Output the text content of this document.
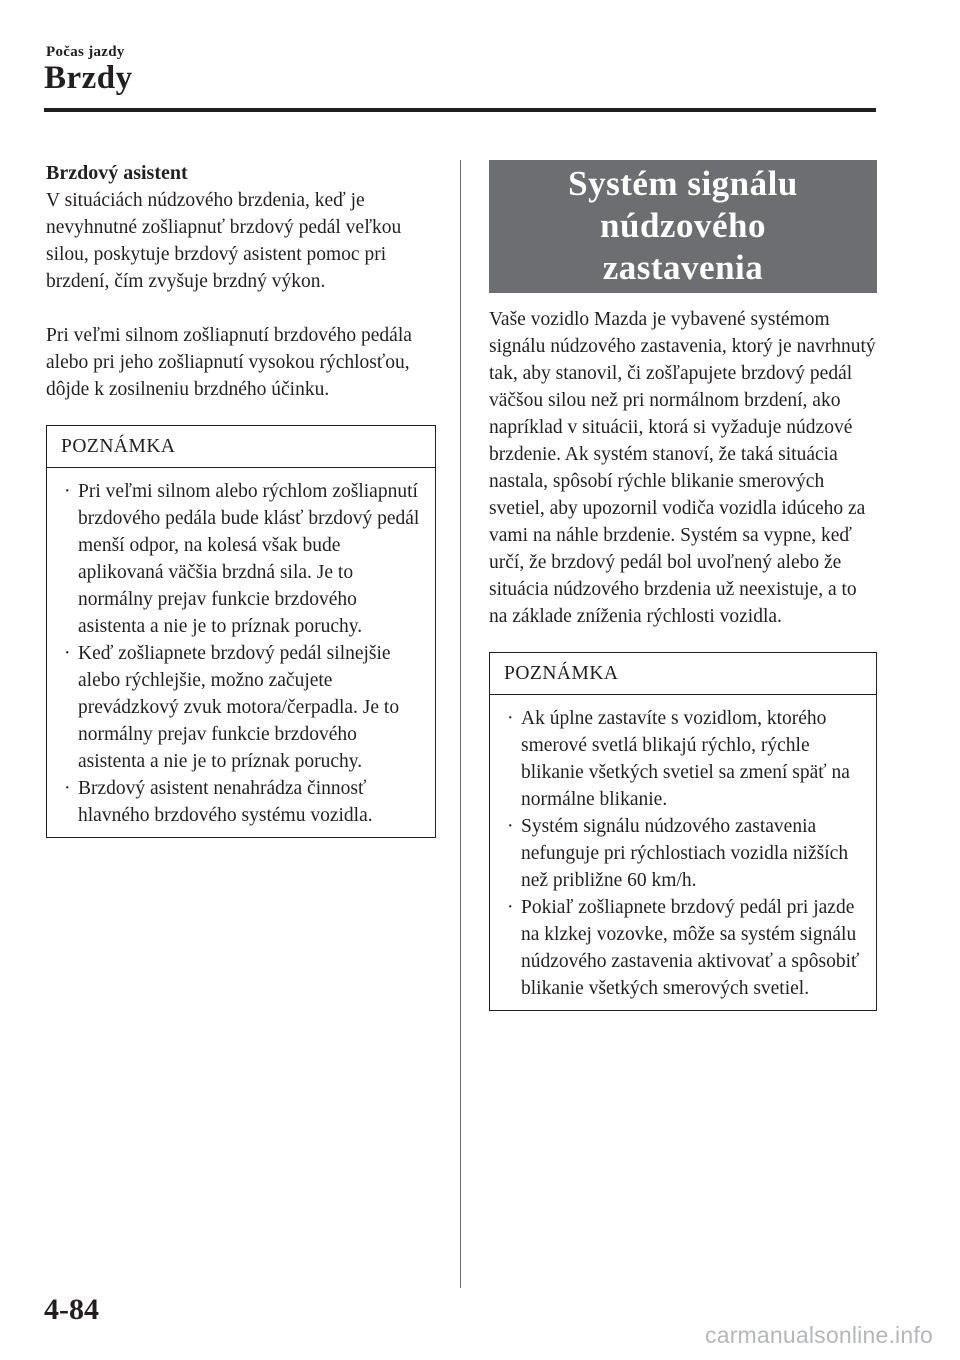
Počas jazdy
Brzdy

Brzdový asistent

V situáciách núdzového brzdenia, keď je nevyhnutné zošliapnuť brzdový pedál veľkou silou, poskytuje brzdový asistent pomoc pri brzdení, čím zvyšuje brzdný výkon.

Pri veľmi silnom zošliapnutí brzdového pedála alebo pri jeho zošliapnutí vysokou rýchlosťou, dôjde k zosilneniu brzdného účinku.

POZNÁMKA
· Pri veľmi silnom alebo rýchlom zošliapnutí brzdového pedála bude klásť brzdový pedál menší odpor, na kolesá však bude aplikovaná väčšia brzdná sila. Je to normálny prejav funkcie brzdového asistenta a nie je to príznak poruchy.
· Keď zošliapnete brzdový pedál silnejšie alebo rýchlejšie, možno začujete prevádzkový zvuk motora/čerpadla. Je to normálny prejav funkcie brzdového asistenta a nie je to príznak poruchy.
· Brzdový asistent nenahrádza činnosť hlavného brzdového systému vozidla.
Systém signálu núdzového
zastavenia

Vaše vozidlo Mazda je vybavené systémom signálu núdzového zastavenia, ktorý je navrhnutý tak, aby stanovil, či zošľapujete brzdový pedál väčšou silou než pri normálnom brzdení, ako napríklad v situácii, ktorá si vyžaduje núdzové brzdenie. Ak systém stanoví, že taká situácia nastala, spôsobí rýchle blikanie smerových svetiel, aby upozornil vodiča vozidla idúceho za vami na náhle brzdenie. Systém sa vypne, keď určí, že brzdový pedál bol uvoľnený alebo že situácia núdzového brzdenia už neexistuje, a to na základe zníženia rýchlosti vozidla.

POZNÁMKA
· Ak úplne zastavíte s vozidlom, ktorého smerové svetlá blikajú rýchlo, rýchle blikanie všetkých svetiel sa zmení späť na normálne blikanie.
· Systém signálu núdzového zastavenia nefunguje pri rýchlostiach vozidla nižších než približne 60 km/h.
· Pokiaľ zošliapnete brzdový pedál pri jazde na klzkej vozovke, môže sa systém signálu núdzového zastavenia aktivovať a spôsobiť blikanie všetkých smerových svetiel.
4-84
carmanualsonline.info
